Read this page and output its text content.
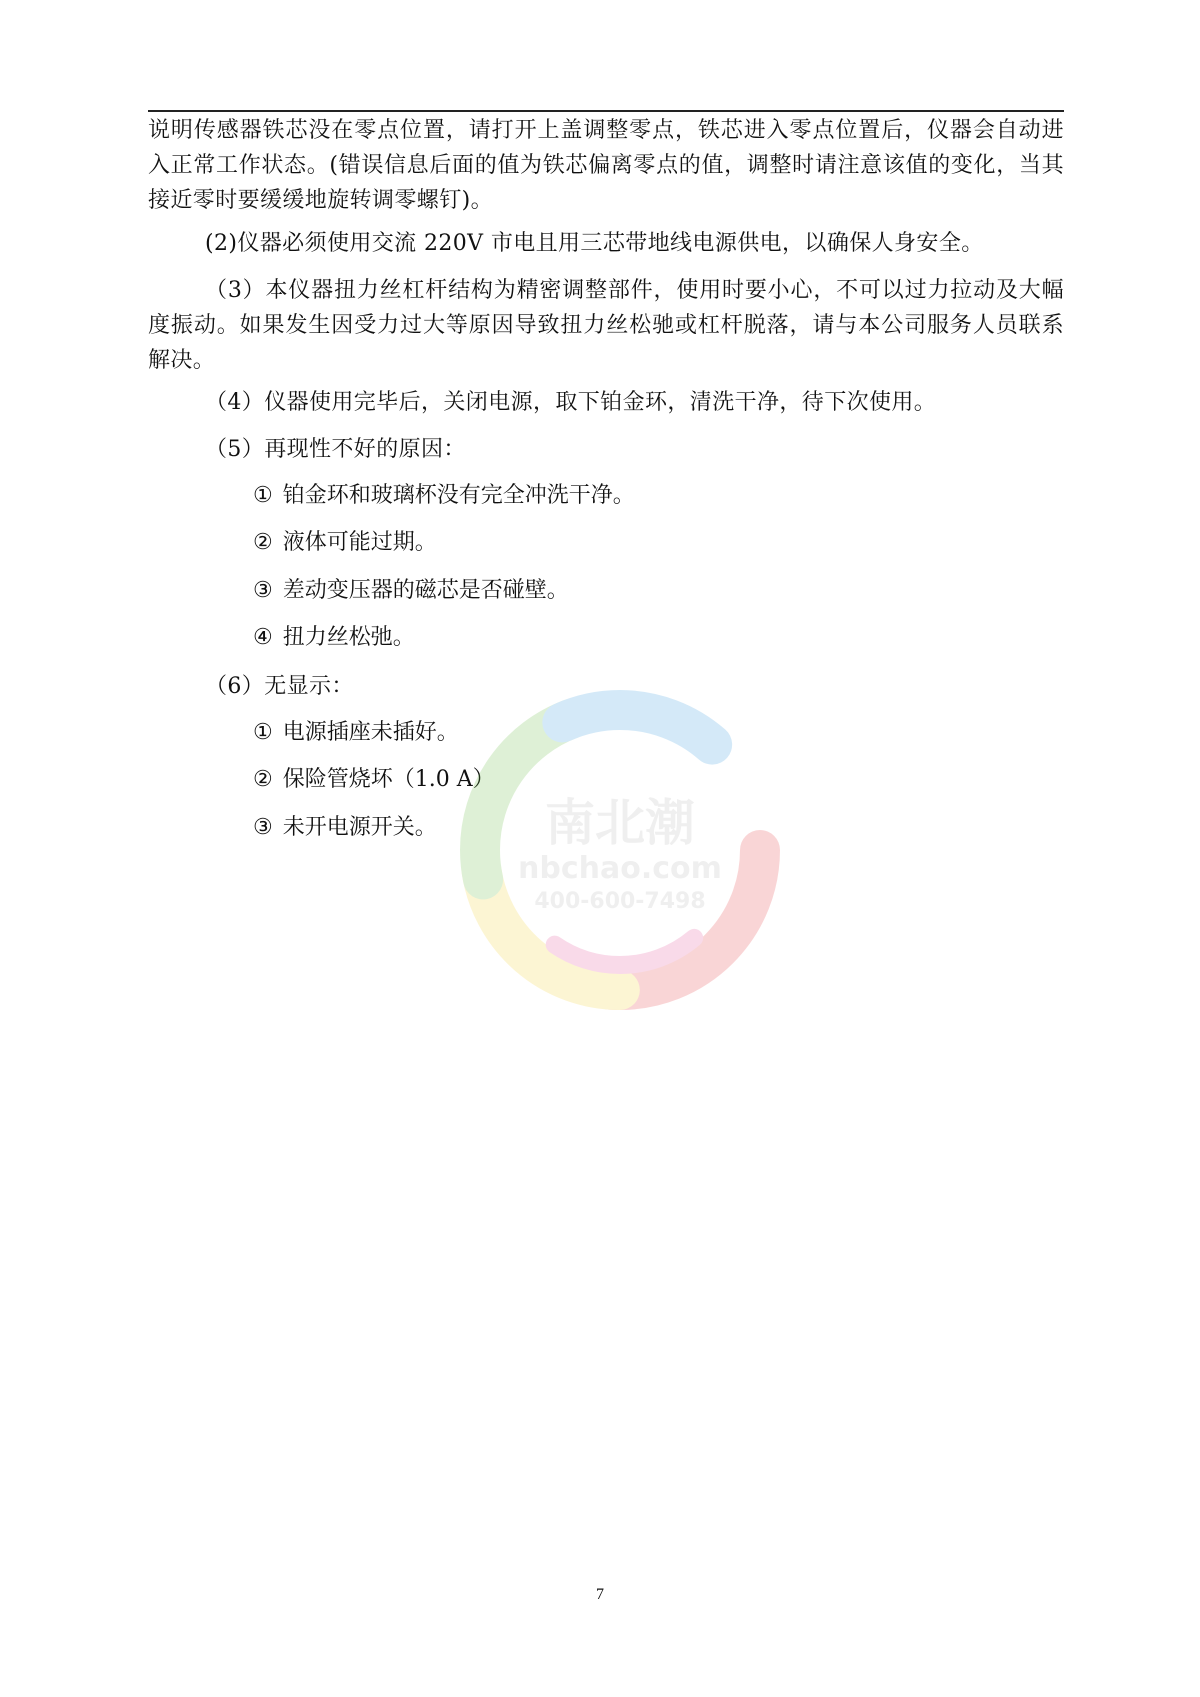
说明传感器铁芯没在零点位置，请打开上盖调整零点，铁芯进入零点位置后，仪器会自动进入正常工作状态。(错误信息后面的值为铁芯偏离零点的值，调整时请注意该值的变化，当其接近零时要缓缓地旋转调零螺钉)。
(2)仪器必须使用交流 220V 市电且用三芯带地线电源供电，以确保人身安全。
（3）本仪器扭力丝杠杆结构为精密调整部件，使用时要小心，不可以过力拉动及大幅度振动。如果发生因受力过大等原因导致扭力丝松驰或杠杆脱落，请与本公司服务人员联系解决。
（4）仪器使用完毕后，关闭电源，取下铂金环，清洗干净，待下次使用。
（5）再现性不好的原因：
① 铂金环和玻璃杯没有完全冲洗干净。
② 液体可能过期。
③ 差动变压器的磁芯是否碰壁。
④ 扭力丝松弛。
（6）无显示：
① 电源插座未插好。
② 保险管烧坏（1.0 A）
③ 未开电源开关。 南北潮
nbchao.com
400-600-7498
7
